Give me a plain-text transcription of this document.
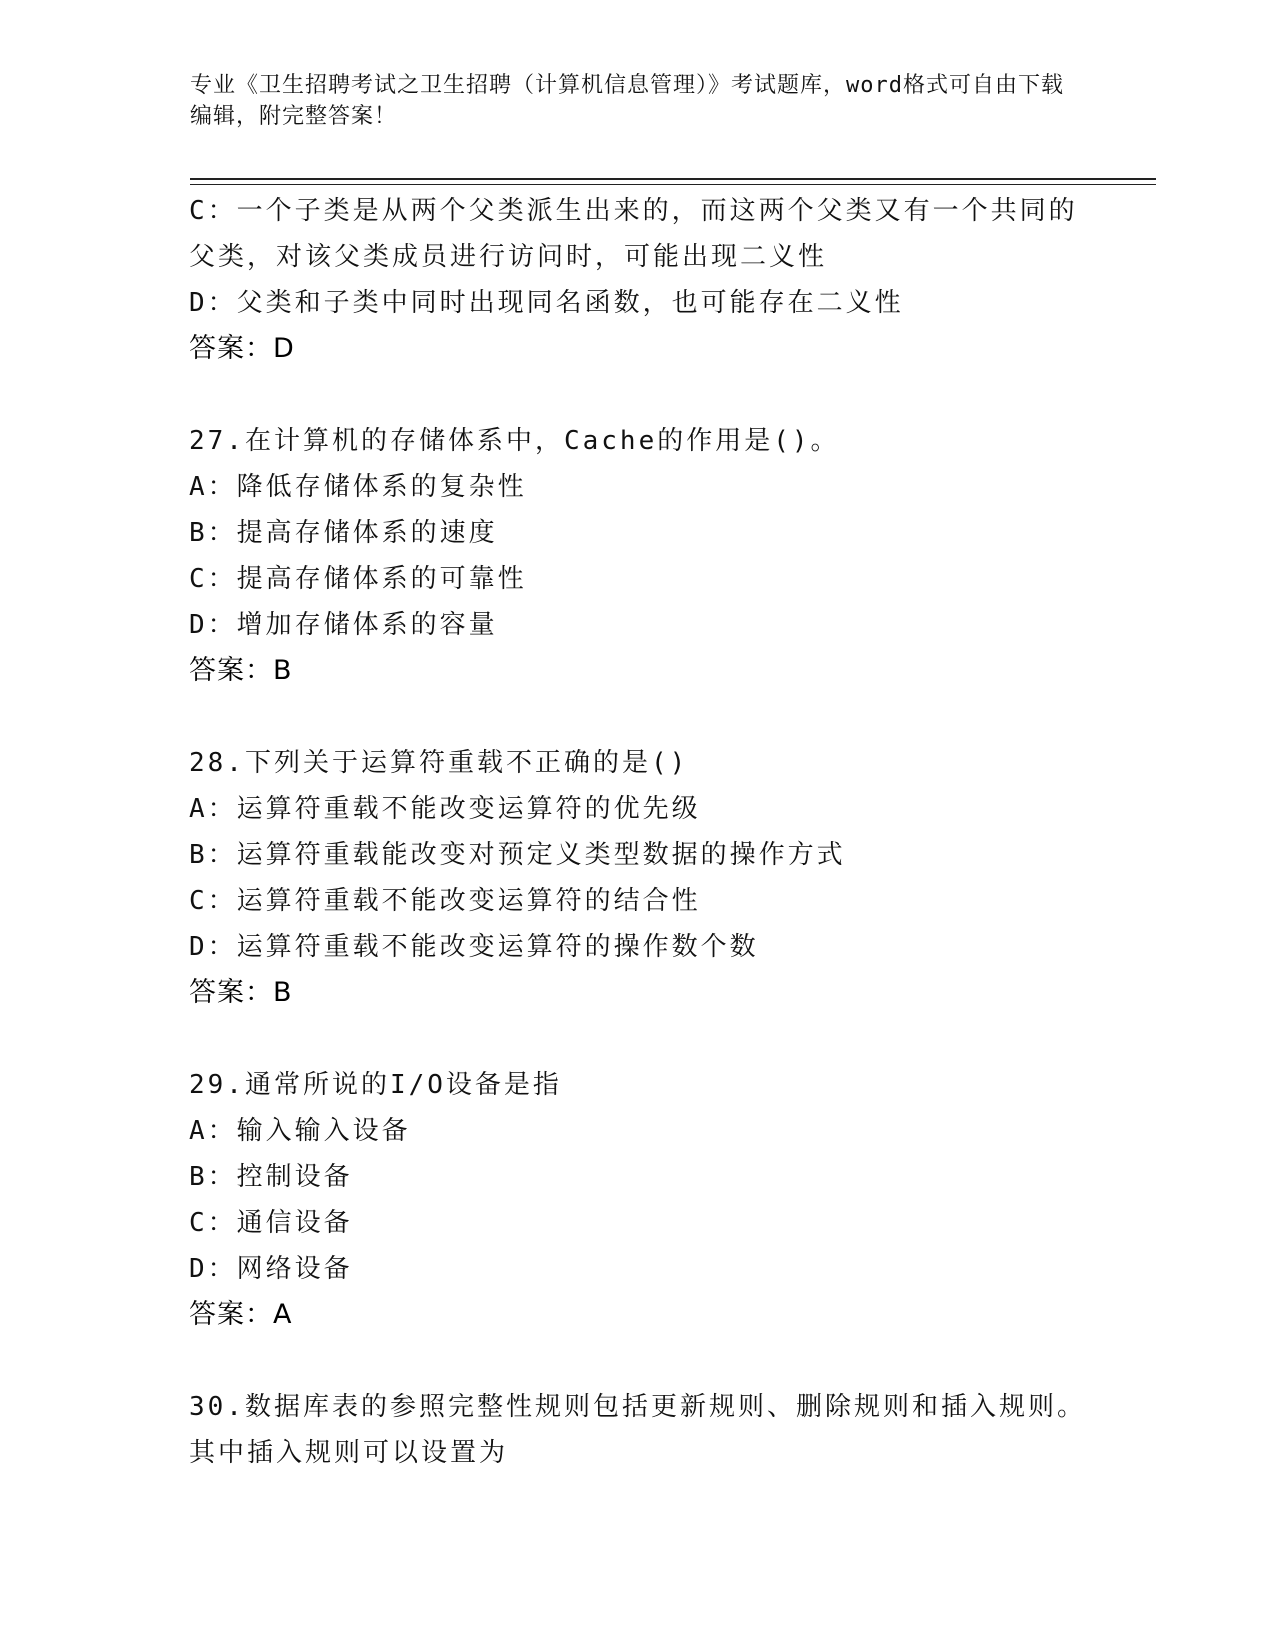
专业《卫生招聘考试之卫生招聘（计算机信息管理）》考试题库，word格式可自由下载编辑，附完整答案！
C：一个子类是从两个父类派生出来的，而这两个父类又有一个共同的父类，对该父类成员进行访问时，可能出现二义性
D：父类和子类中同时出现同名函数，也可能存在二义性
答案：D
27.在计算机的存储体系中，Cache的作用是()。
A：降低存储体系的复杂性
B：提高存储体系的速度
C：提高存储体系的可靠性
D：增加存储体系的容量
答案：B
28.下列关于运算符重载不正确的是()
A：运算符重载不能改变运算符的优先级
B：运算符重载能改变对预定义类型数据的操作方式
C：运算符重载不能改变运算符的结合性
D：运算符重载不能改变运算符的操作数个数
答案：B
29.通常所说的I/O设备是指
A：输入输入设备
B：控制设备
C：通信设备
D：网络设备
答案：A
30.数据库表的参照完整性规则包括更新规则、删除规则和插入规则。其中插入规则可以设置为
